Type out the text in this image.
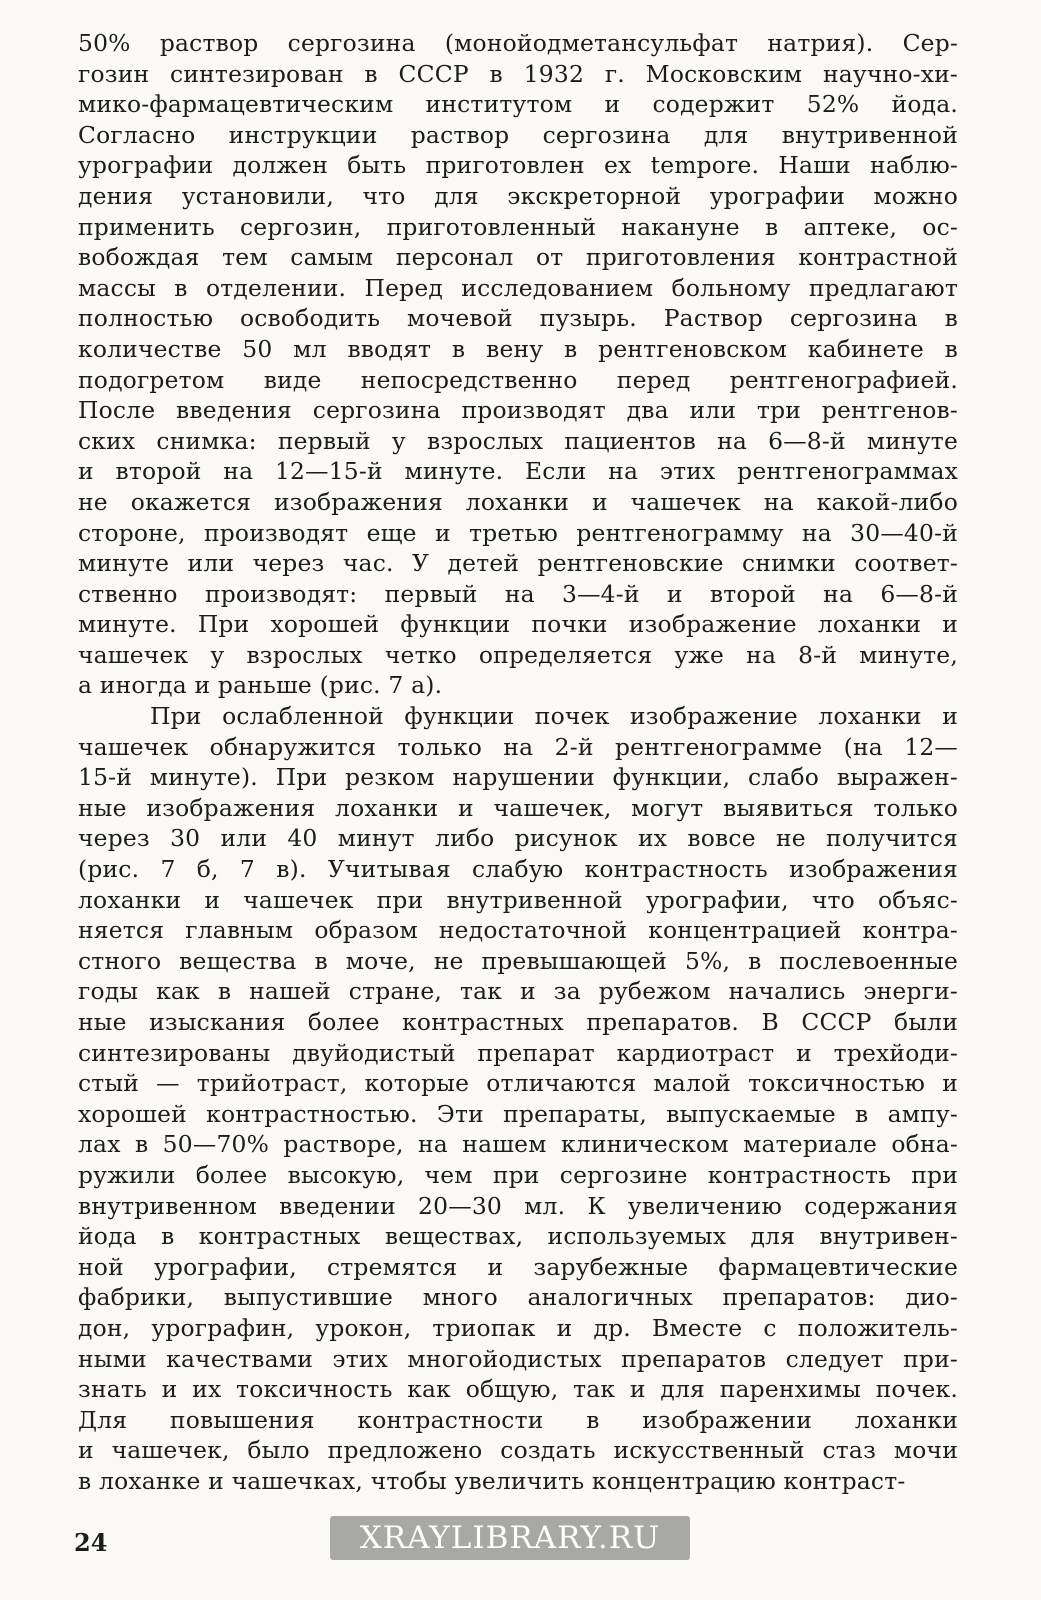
50% раствор сергозина (монойодметансульфат натрия). Сер-
гозин синтезирован в СССР в 1932 г. Московским научно-хи-
мико-фармацевтическим институтом и содержит 52% йода.
Согласно инструкции раствор сергозина для внутривенной
урографии должен быть приготовлен ex tempore. Наши наблю-
дения установили, что для экскреторной урографии можно
применить сергозин, приготовленный накануне в аптеке, ос-
вобождая тем самым персонал от приготовления контрастной
массы в отделении. Перед исследованием больному предлагают
полностью освободить мочевой пузырь. Раствор сергозина в
количестве 50 мл вводят в вену в рентгеновском кабинете в
подогретом виде непосредственно перед рентгенографией.
После введения сергозина производят два или три рентгенов-
ских снимка: первый у взрослых пациентов на 6—8-й минуте
и второй на 12—15-й минуте. Если на этих рентгенограммах
не окажется изображения лоханки и чашечек на какой-либо
стороне, производят еще и третью рентгенограмму на 30—40-й
минуте или через час. У детей рентгеновские снимки соответ-
ственно производят: первый на 3—4-й и второй на 6—8-й
минуте. При хорошей функции почки изображение лоханки и
чашечек у взрослых четко определяется уже на 8-й минуте,
а иногда и раньше (рис. 7 а).
При ослабленной функции почек изображение лоханки и
чашечек обнаружится только на 2-й рентгенограмме (на 12—
15-й минуте). При резком нарушении функции, слабо выражен-
ные изображения лоханки и чашечек, могут выявиться только
через 30 или 40 минут либо рисунок их вовсе не получится
(рис. 7 б, 7 в). Учитывая слабую контрастность изображения
лоханки и чашечек при внутривенной урографии, что объяс-
няется главным образом недостаточной концентрацией контра-
стного вещества в моче, не превышающей 5%, в послевоенные
годы как в нашей стране, так и за рубежом начались энерги-
ные изыскания более контрастных препаратов. В СССР были
синтезированы двуйодистый препарат кардиотраст и трехйоди-
стый — трийотраст, которые отличаются малой токсичностью и
хорошей контрастностью. Эти препараты, выпускаемые в ампу-
лах в 50—70% растворе, на нашем клиническом материале обна-
ружили более высокую, чем при сергозине контрастность при
внутривенном введении 20—30 мл. К увеличению содержания
йода в контрастных веществах, используемых для внутривен-
ной урографии, стремятся и зарубежные фармацевтические
фабрики, выпустившие много аналогичных препаратов: дио-
дон, урографин, урокон, триопак и др. Вместе с положитель-
ными качествами этих многойодистых препаратов следует при-
знать и их токсичность как общую, так и для паренхимы почек.
Для повышения контрастности в изображении лоханки
и чашечек, было предложено создать искусственный стаз мочи
в лоханке и чашечках, чтобы увеличить концентрацию контраст-
24	XRAYLIBRARY.RU
